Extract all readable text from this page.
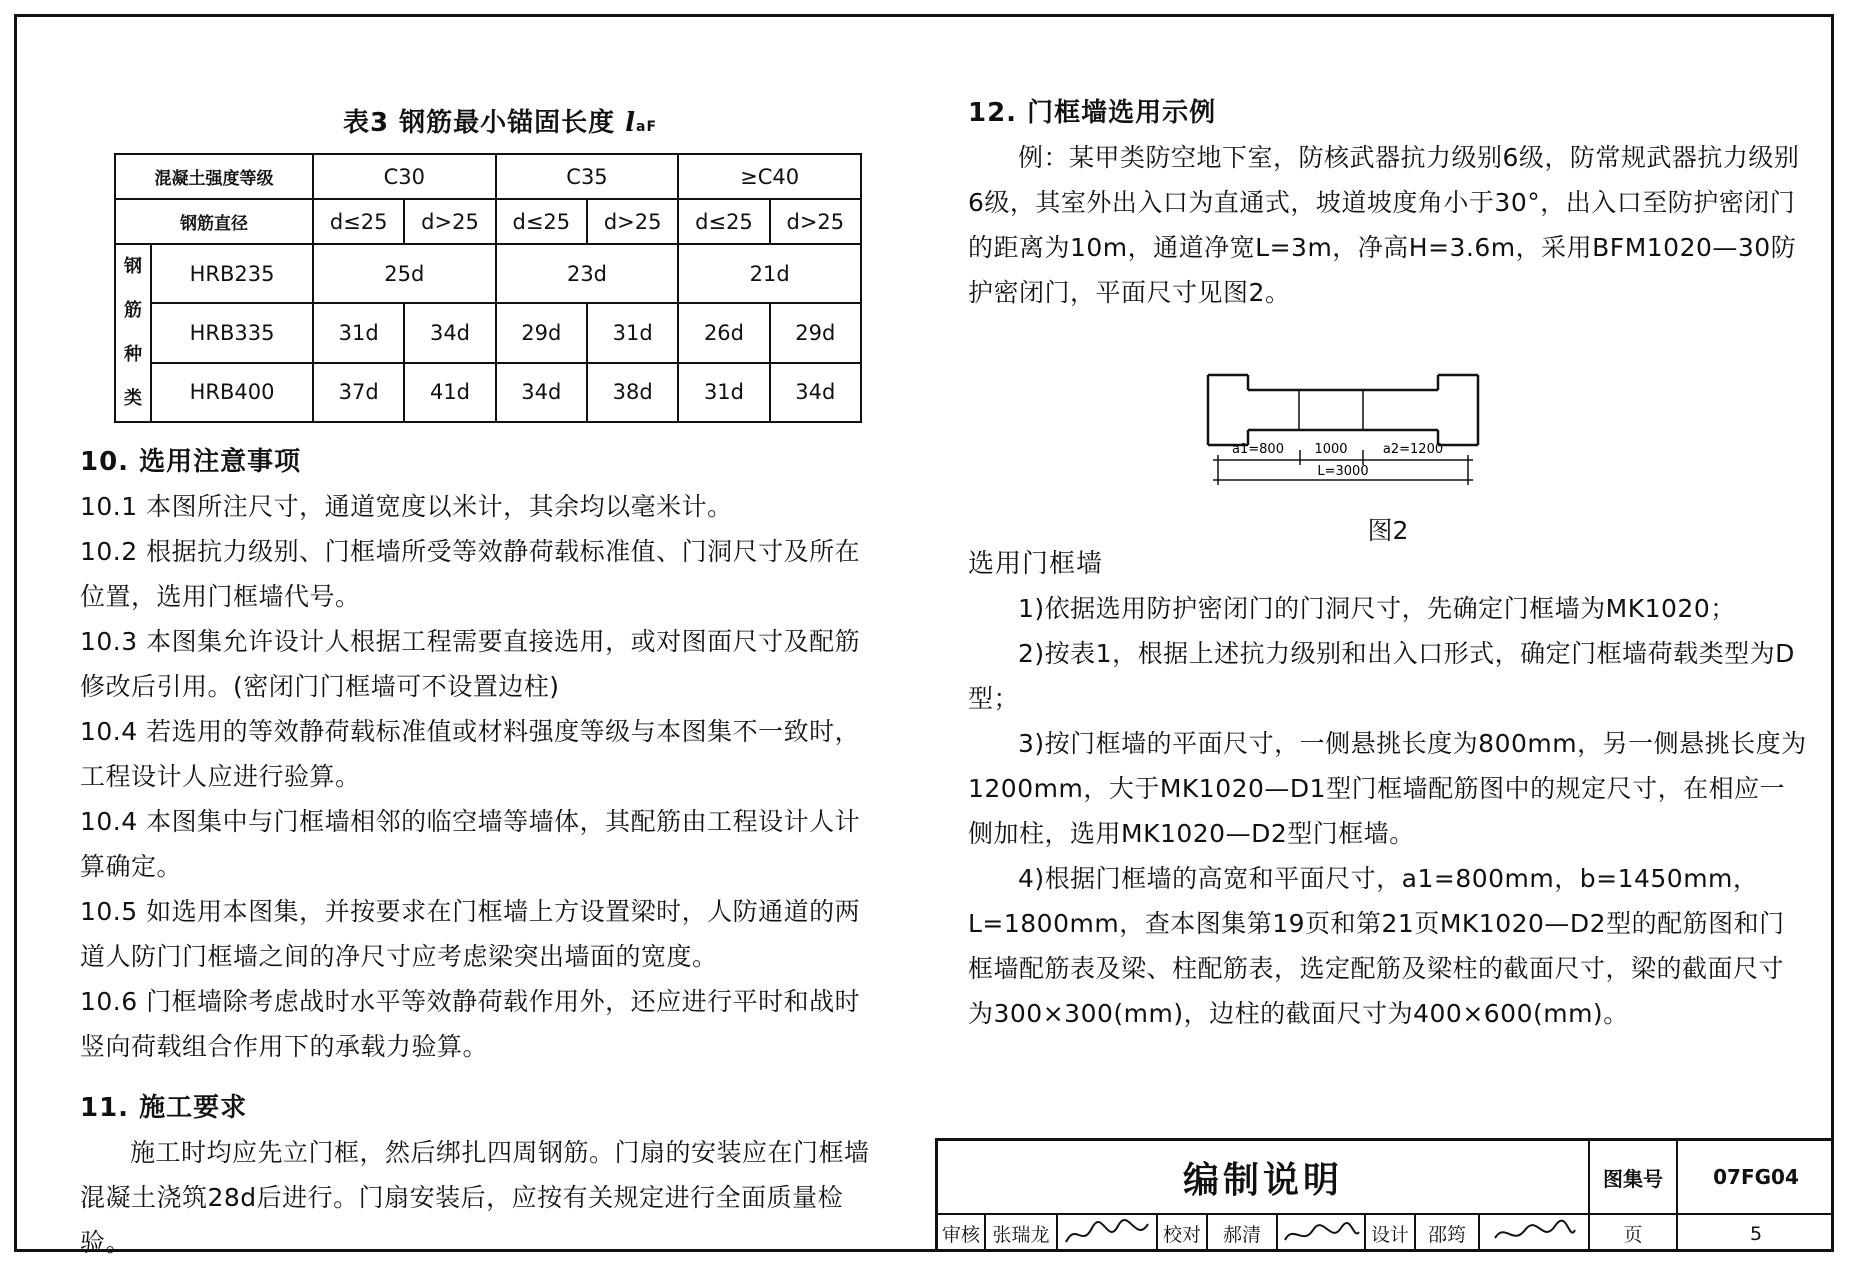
表3 钢筋最小锚固长度 laF
混凝土强度等级		C30		C35		≥C40	
钢筋直径		d≤25	d>25	d≤25	d>25	d≤25	d>25

钢
筋
种
类	HRB235	25d		23d		21d	
	HRB335	31d	34d	29d	31d	26d	29d
	HRB400	37d	41d	34d	38d	31d	34d
10. 选用注意事项

10.1 本图所注尺寸，通道宽度以米计，其余均以毫米计。

10.2 根据抗力级别、门框墙所受等效静荷载标准值、门洞尺寸及所在位置，选用门框墙代号。

10.3 本图集允许设计人根据工程需要直接选用，或对图面尺寸及配筋修改后引用。(密闭门门框墙可不设置边柱)

10.4 若选用的等效静荷载标准值或材料强度等级与本图集不一致时，工程设计人应进行验算。

10.4 本图集中与门框墙相邻的临空墙等墙体，其配筋由工程设计人计算确定。

10.5 如选用本图集，并按要求在门框墙上方设置梁时，人防通道的两道人防门门框墙之间的净尺寸应考虑梁突出墙面的宽度。

10.6 门框墙除考虑战时水平等效静荷载作用外，还应进行平时和战时竖向荷载组合作用下的承载力验算。

11. 施工要求

施工时均应先立门框，然后绑扎四周钢筋。门扇的安装应在门框墙混凝土浇筑28d后进行。门扇安装后，应按有关规定进行全面质量检验。

12. 门框墙选用示例

例：某甲类防空地下室，防核武器抗力级别6级，防常规武器抗力级别6级，其室外出入口为直通式，坡道坡度角小于30°，出入口至防护密闭门的距离为10m，通道净宽L=3m，净高H=3.6m，采用BFM1020—30防护密闭门，平面尺寸见图2。

a1=800 1000	a2=1200
L=3000
图2
选用门框墙

1)依据选用防护密闭门的门洞尺寸，先确定门框墙为MK1020；

2)按表1，根据上述抗力级别和出入口形式，确定门框墙荷载类型为D型；

3)按门框墙的平面尺寸，一侧悬挑长度为800mm，另一侧悬挑长度为1200mm，大于MK1020—D1型门框墙配筋图中的规定尺寸，在相应一侧加柱，选用MK1020—D2型门框墙。

4)根据门框墙的高宽和平面尺寸，a1=800mm，b=1450mm，L=1800mm，查本图集第19页和第21页MK1020—D2型的配筋图和门框墙配筋表及梁、柱配筋表，选定配筋及梁柱的截面尺寸，梁的截面尺寸为300×300(mm)，边柱的截面尺寸为400×600(mm)。

编制说明	图集号	07FG04
审核 张瑞龙	校对	郝清	设计 邵筠	页	5
